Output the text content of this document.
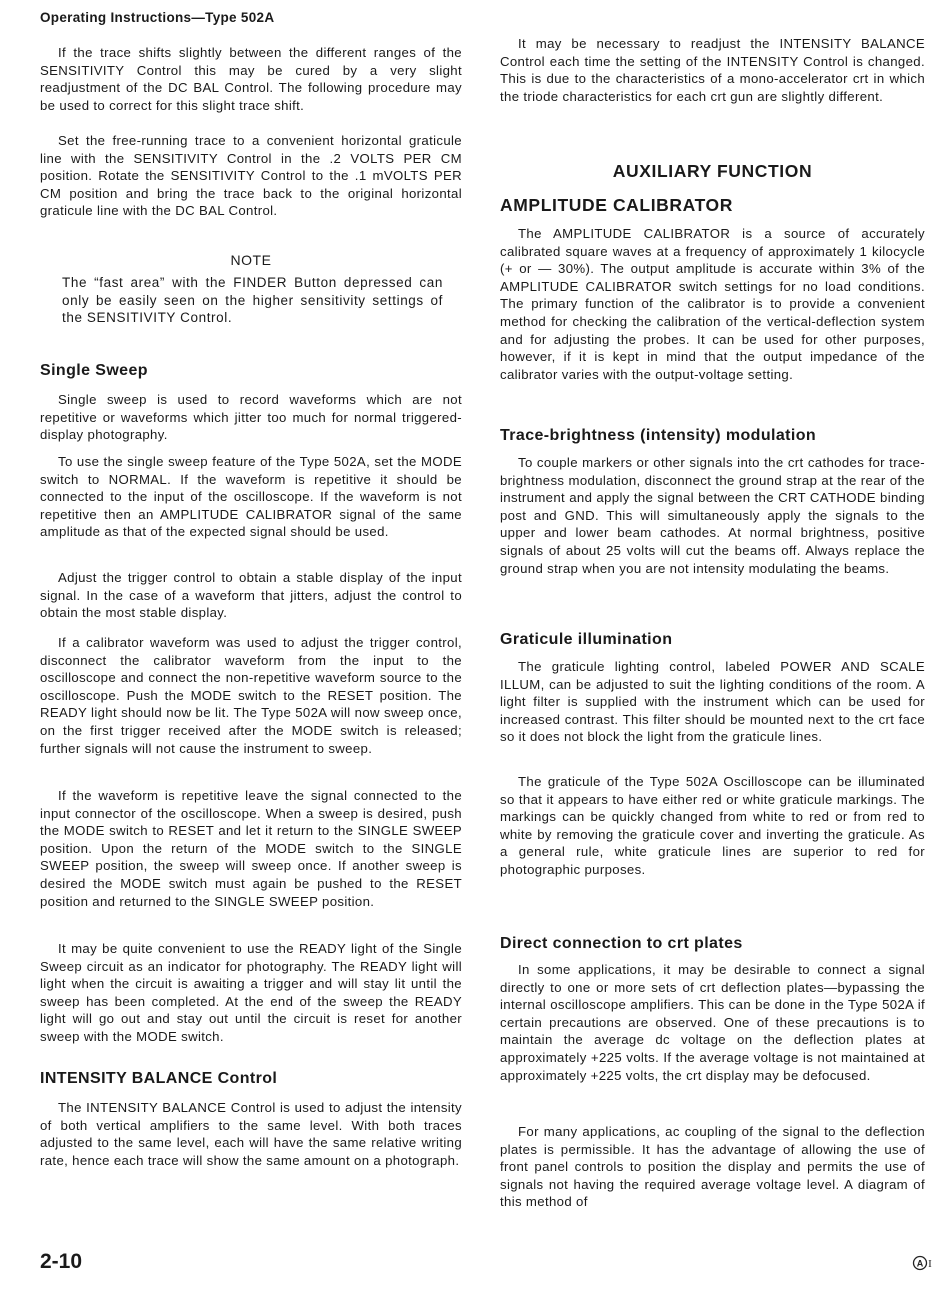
Operating Instructions—Type 502A

If the trace shifts slightly between the different ranges of the SENSITIVITY Control this may be cured by a very slight readjustment of the DC BAL Control. The following procedure may be used to correct for this slight trace shift.

Set the free-running trace to a convenient horizontal graticule line with the SENSITIVITY Control in the .2 VOLTS PER CM position. Rotate the SENSITIVITY Control to the .1 mVOLTS PER CM position and bring the trace back to the original horizontal graticule line with the DC BAL Control.

NOTE

The “fast area” with the FINDER Button depressed can only be easily seen on the higher sensitivity settings of the SENSITIVITY Control.

Single Sweep

Single sweep is used to record waveforms which are not repetitive or waveforms which jitter too much for normal triggered-display photography.

To use the single sweep feature of the Type 502A, set the MODE switch to NORMAL. If the waveform is repetitive it should be connected to the input of the oscilloscope. If the waveform is not repetitive then an AMPLITUDE CALIBRATOR signal of the same amplitude as that of the expected signal should be used.

Adjust the trigger control to obtain a stable display of the input signal. In the case of a waveform that jitters, adjust the control to obtain the most stable display.

If a calibrator waveform was used to adjust the trigger control, disconnect the calibrator waveform from the input to the oscilloscope and connect the non-repetitive waveform source to the oscilloscope. Push the MODE switch to the RESET position. The READY light should now be lit. The Type 502A will now sweep once, on the first trigger received after the MODE switch is released; further signals will not cause the instrument to sweep.

If the waveform is repetitive leave the signal connected to the input connector of the oscilloscope. When a sweep is desired, push the MODE switch to RESET and let it return to the SINGLE SWEEP position. Upon the return of the MODE switch to the SINGLE SWEEP position, the sweep will sweep once. If another sweep is desired the MODE switch must again be pushed to the RESET position and returned to the SINGLE SWEEP position.

It may be quite convenient to use the READY light of the Single Sweep circuit as an indicator for photography. The READY light will light when the circuit is awaiting a trigger and will stay lit until the sweep has been completed. At the end of the sweep the READY light will go out and stay out until the circuit is reset for another sweep with the MODE switch.

INTENSITY BALANCE Control

The INTENSITY BALANCE Control is used to adjust the intensity of both vertical amplifiers to the same level. With both traces adjusted to the same level, each will have the same relative writing rate, hence each trace will show the same amount on a photograph.

It may be necessary to readjust the INTENSITY BALANCE Control each time the setting of the INTENSITY Control is changed. This is due to the characteristics of a mono-accelerator crt in which the triode characteristics for each crt gun are slightly different.

AUXILIARY FUNCTION
AMPLITUDE CALIBRATOR

The AMPLITUDE CALIBRATOR is a source of accurately calibrated square waves at a frequency of approximately 1 kilocycle (+ or — 30%). The output amplitude is accurate within 3% of the AMPLITUDE CALIBRATOR switch settings for no load conditions. The primary function of the calibrator is to provide a convenient method for checking the calibration of the vertical-deflection system and for adjusting the probes. It can be used for other purposes, however, if it is kept in mind that the output impedance of the calibrator varies with the output-voltage setting.

Trace-brightness (intensity) modulation

To couple markers or other signals into the crt cathodes for trace-brightness modulation, disconnect the ground strap at the rear of the instrument and apply the signal between the CRT CATHODE binding post and GND. This will simultaneously apply the signals to the upper and lower beam cathodes. At normal brightness, positive signals of about 25 volts will cut the beams off. Always replace the ground strap when you are not intensity modulating the beams.

Graticule illumination

The graticule lighting control, labeled POWER AND SCALE ILLUM, can be adjusted to suit the lighting conditions of the room. A light filter is supplied with the instrument which can be used for increased contrast. This filter should be mounted next to the crt face so it does not block the light from the graticule lines.

The graticule of the Type 502A Oscilloscope can be illuminated so that it appears to have either red or white graticule markings. The markings can be quickly changed from white to red or from red to white by removing the graticule cover and inverting the graticule. As a general rule, white graticule lines are superior to red for photographic purposes.

Direct connection to crt plates

In some applications, it may be desirable to connect a signal directly to one or more sets of crt deflection plates—bypassing the internal oscilloscope amplifiers. This can be done in the Type 502A if certain precautions are observed. One of these precautions is to maintain the average dc voltage on the deflection plates at approximately +225 volts. If the average voltage is not maintained at approximately +225 volts, the crt display may be defocused.

For many applications, ac coupling of the signal to the deflection plates is permissible. It has the advantage of allowing the use of front panel controls to position the display and permits the use of signals not having the required average voltage level. A diagram of this method of

2-10	A I
